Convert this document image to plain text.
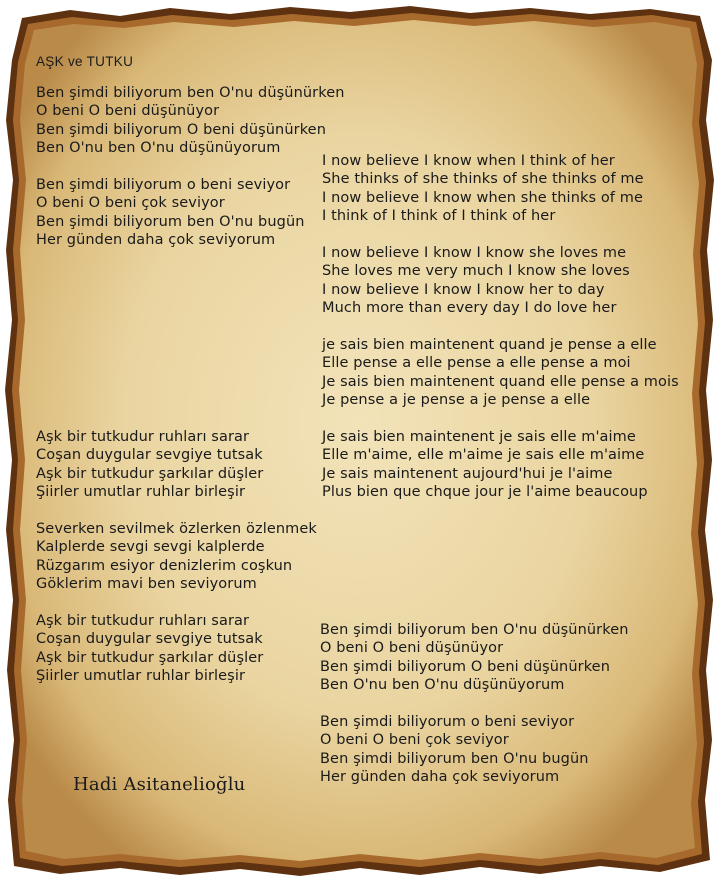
AŞK ve TUTKU
Ben şimdi biliyorum ben O'nu düşünürken
O beni O beni düşünüyor
Ben şimdi biliyorum O beni düşünürken
Ben O'nu ben O'nu düşünüyorum
Ben şimdi biliyorum o beni seviyor
O beni O beni çok seviyor
Ben şimdi biliyorum ben O'nu bugün
Her günden daha çok seviyorum
Aşk bir tutkudur ruhları sarar
Coşan duygular sevgiye tutsak
Aşk bir tutkudur şarkılar düşler
Şiirler umutlar ruhlar birleşir
Severken sevilmek özlerken özlenmek
Kalplerde sevgi sevgi kalplerde
Rüzgarım esiyor denizlerim coşkun
Göklerim mavi ben seviyorum
Aşk bir tutkudur ruhları sarar
Coşan duygular sevgiye tutsak
Aşk bir tutkudur şarkılar düşler
Şiirler umutlar ruhlar birleşir
I now believe I know when I think of her
She thinks of she thinks of she thinks of me
I now believe I know when she thinks of me
I think of I think of I think of her
I now believe I know I know she loves me
She loves me very much I know she loves
I now believe I know I know her to day
Much more than every day I do love her
je sais bien maintenent quand je pense a elle
Elle pense a elle pense a elle pense a moi
Je sais bien maintenent quand elle pense a mois
Je pense a je pense a je pense a elle
Je sais bien maintenent je sais elle m'aime
Elle m'aime, elle m'aime je sais elle m'aime
Je sais maintenent aujourd'hui je l'aime
Plus bien que chque jour je l'aime beaucoup
Ben şimdi biliyorum ben O'nu düşünürken
O beni O beni düşünüyor
Ben şimdi biliyorum O beni düşünürken
Ben O'nu ben O'nu düşünüyorum
Ben şimdi biliyorum o beni seviyor
O beni O beni çok seviyor
Ben şimdi biliyorum ben O'nu bugün
Her günden daha çok seviyorum
Hadi Asitanelioğlu
